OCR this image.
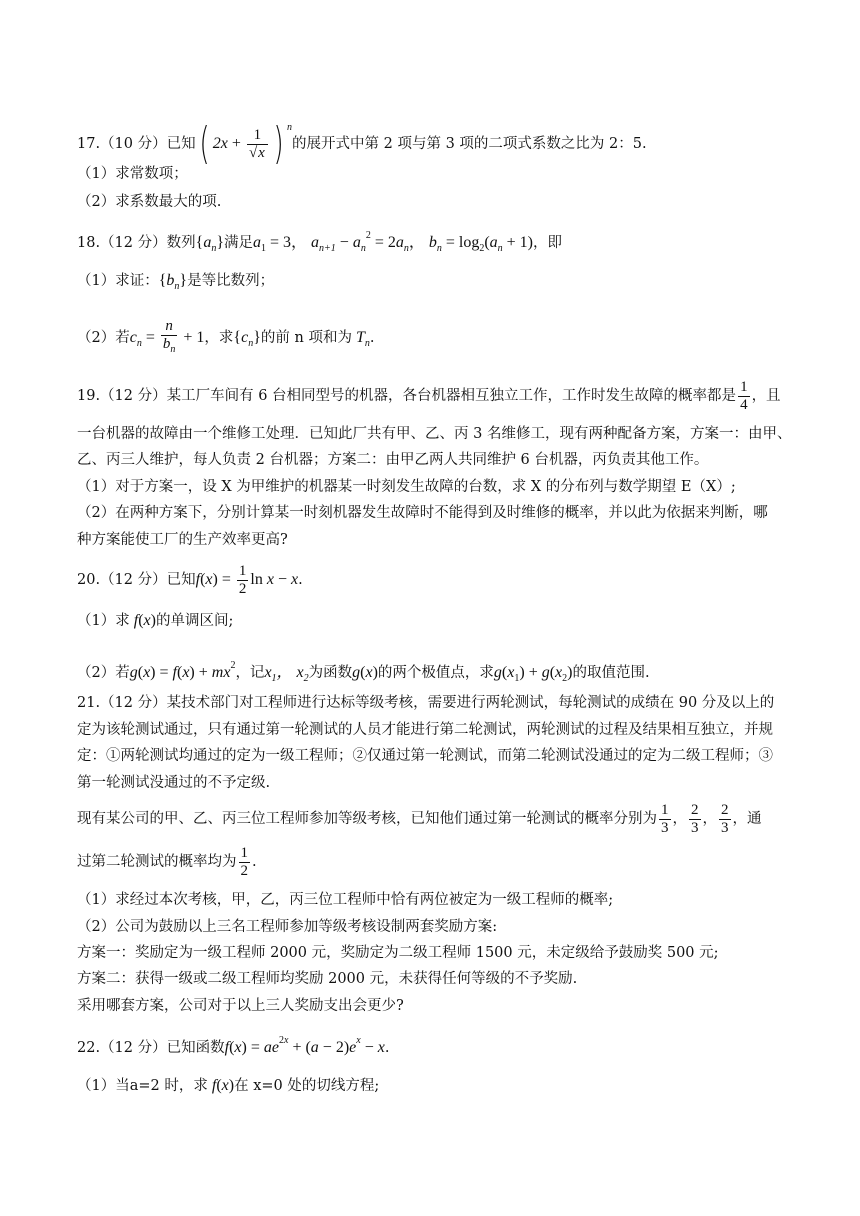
17.（10 分）已知( $2x + \frac{1}{√x}$ ) $^n$的展开式中第 2 项与第 3 项的二项式系数之比为 2：5.
（1）求常数项；
（2）求系数最大的项.
18.（12 分）数列$\{a_n\}$满足$a_1 = 3$， $a_{n+1} - a_n^2 = 2a_n$， $b_n = \log_2(a_n + 1)$，即
（1）求证：$\{b_n\}$是等比数列；
（2）若$c_n = \frac{n}{b_n} + 1$，求$\{c_n\}$的前 n 项和为 $T_n$.
19.（12 分）某工厂车间有 6 台相同型号的机器，各台机器相互独立工作，工作时发生故障的概率都是 $\frac{1}{4}$ ，且
一台机器的故障由一个维修工处理．已知此厂共有甲、乙、丙 3 名维修工，现有两种配备方案，方案一：由甲、
乙、丙三人维护，每人负责 2 台机器；方案二：由甲乙两人共同维护 6 台机器，丙负责其他工作。
（1）对于方案一，设 X 为甲维护的机器某一时刻发生故障的台数，求 X 的分布列与数学期望 E（X）;
（2）在两种方案下，分别计算某一时刻机器发生故障时不能得到及时维修的概率，并以此为依据来判断，哪
种方案能使工厂的生产效率更高?
20.（12 分）已知$f(x) = \frac{1}{2}$ ln x − x.
（1）求 f(x)的单调区间;
（2）若$g(x) = f(x) + mx^2$，记$x_1$， $x_2$为函数g(x)的两个极值点，求$g(x_1) + g(x_2)$的取值范围.
21.（12 分）某技术部门对工程师进行达标等级考核，需要进行两轮测试，每轮测试的成绩在 90 分及以上的
定为该轮测试通过，只有通过第一轮测试的人员才能进行第二轮测试，两轮测试的过程及结果相互独立，并规
定：①两轮测试均通过的定为一级工程师；②仅通过第一轮测试，而第二轮测试没通过的定为二级工程师；③
第一轮测试没通过的不予定级.
现有某公司的甲、乙、丙三位工程师参加等级考核，已知他们通过第一轮测试的概率分别为 $\frac{1}{3}$ ， $\frac{2}{3}$ ， $\frac{2}{3}$ ，通
过第二轮测试的概率均为 $\frac{1}{2}$ .
（1）求经过本次考核，甲，乙，丙三位工程师中恰有两位被定为一级工程师的概率;
（2）公司为鼓励以上三名工程师参加等级考核设制两套奖励方案:
方案一：奖励定为一级工程师 2000 元，奖励定为二级工程师 1500 元，未定级给予鼓励奖 500 元;
方案二：获得一级或二级工程师均奖励 2000 元，未获得任何等级的不予奖励.
采用哪套方案，公司对于以上三人奖励支出会更少?
22.（12 分）已知函数$f(x) = ae^{2x} + (a - 2)e^x - x$.
（1）当a=2 时，求 f(x)在 x=0 处的切线方程;
